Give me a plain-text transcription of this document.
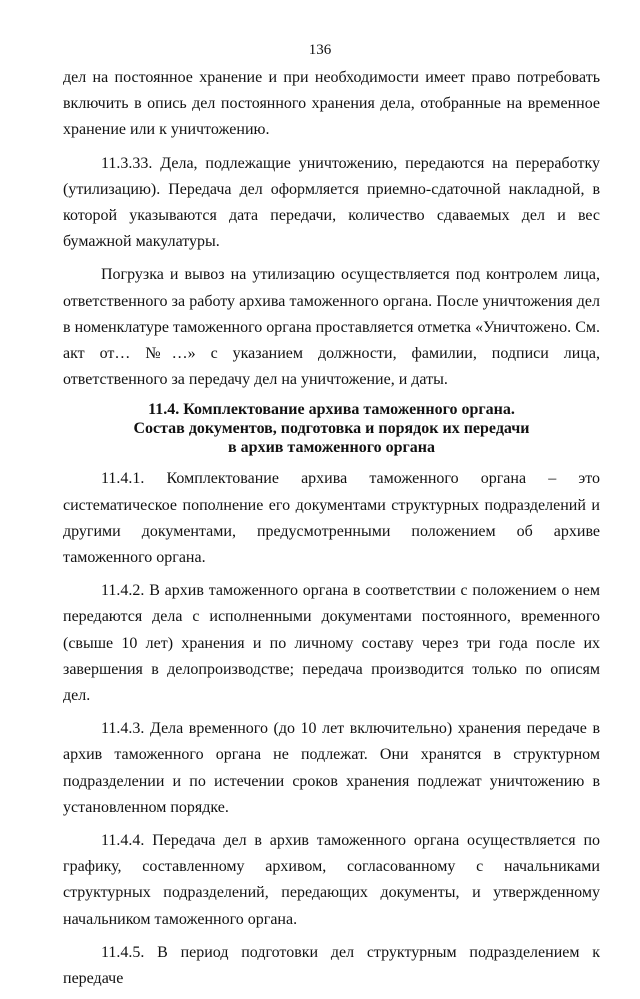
136

дел на постоянное хранение и при необходимости имеет право потребовать включить в опись дел постоянного хранения дела, отобранные на временное хранение или к уничтожению.

11.3.33. Дела, подлежащие уничтожению, передаются на переработку (утилизацию). Передача дел оформляется приемно-сдаточной накладной, в которой указываются дата передачи, количество сдаваемых дел и вес бумажной макулатуры.

Погрузка и вывоз на утилизацию осуществляется под контролем лица, ответственного за работу архива таможенного органа. После уничтожения дел в номенклатуре таможенного органа проставляется отметка «Уничтожено. См. акт от… №…» с указанием должности, фамилии, подписи лица, ответственного за передачу дел на уничтожение, и даты.

11.4. Комплектование архива таможенного органа.
Состав документов, подготовка и порядок их передачи
в архив таможенного органа

11.4.1. Комплектование архива таможенного органа – это систематическое пополнение его документами структурных подразделений и другими документами, предусмотренными положением об архиве таможенного органа.

11.4.2. В архив таможенного органа в соответствии с положением о нем передаются дела с исполненными документами постоянного, временного (свыше 10 лет) хранения и по личному составу через три года после их завершения в делопроизводстве; передача производится только по описям дел.

11.4.3. Дела временного (до 10 лет включительно) хранения передаче в архив таможенного органа не подлежат. Они хранятся в структурном подразделении и по истечении сроков хранения подлежат уничтожению в установленном порядке.

11.4.4. Передача дел в архив таможенного органа осуществляется по графику, составленному архивом, согласованному с начальниками структурных подразделений, передающих документы, и утвержденному начальником таможенного органа.

11.4.5. В период подготовки дел структурным подразделением к передаче
